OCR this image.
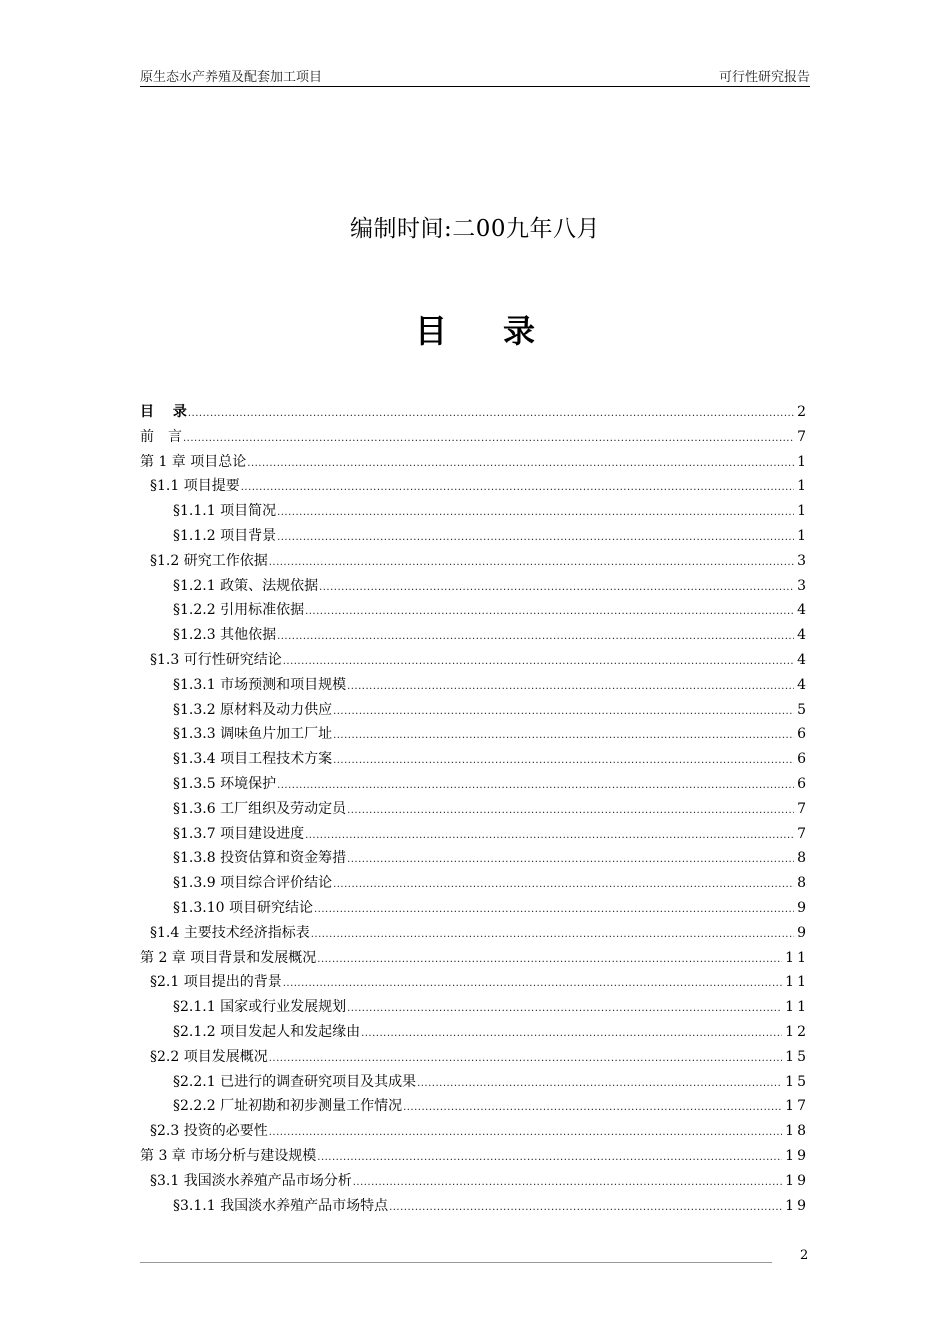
原生态水产养殖及配套加工项目	可行性研究报告
编制时间:二00九年八月
目 录
目　 录 .....	2
前　言 .....	7
第 1 章 项目总论 .....	1
§1.1 项目提要 .....	1
§1.1.1 项目简况 .....	1
§1.1.2 项目背景 .....	1
§1.2 研究工作依据 .....	3
§1.2.1 政策、法规依据 .....	3
§1.2.2 引用标准依据 .....	4
§1.2.3 其他依据 .....	4
§1.3 可行性研究结论 .....	4
§1.3.1 市场预测和项目规模 .....	4
§1.3.2 原材料及动力供应 .....	5
§1.3.3 调味鱼片加工厂址 .....	6
§1.3.4 项目工程技术方案 .....	6
§1.3.5 环境保护 .....	6
§1.3.6 工厂组织及劳动定员 .....	7
§1.3.7 项目建设进度 .....	7
§1.3.8 投资估算和资金筹措 .....	8
§1.3.9 项目综合评价结论 .....	8
§1.3.10 项目研究结论 .....	9
§1.4 主要技术经济指标表 .....	9
第 2 章 项目背景和发展概况 .....	11
§2.1 项目提出的背景 .....	11
§2.1.1 国家或行业发展规划 .....	11
§2.1.2 项目发起人和发起缘由 .....	12
§2.2 项目发展概况 .....	15
§2.2.1 已进行的调查研究项目及其成果 .....	15
§2.2.2 厂址初勘和初步测量工作情况 .....	17
§2.3 投资的必要性 .....	18
第 3 章 市场分析与建设规模 .....	19
§3.1 我国淡水养殖产品市场分析 .....	19
§3.1.1 我国淡水养殖产品市场特点 .....	19
2
